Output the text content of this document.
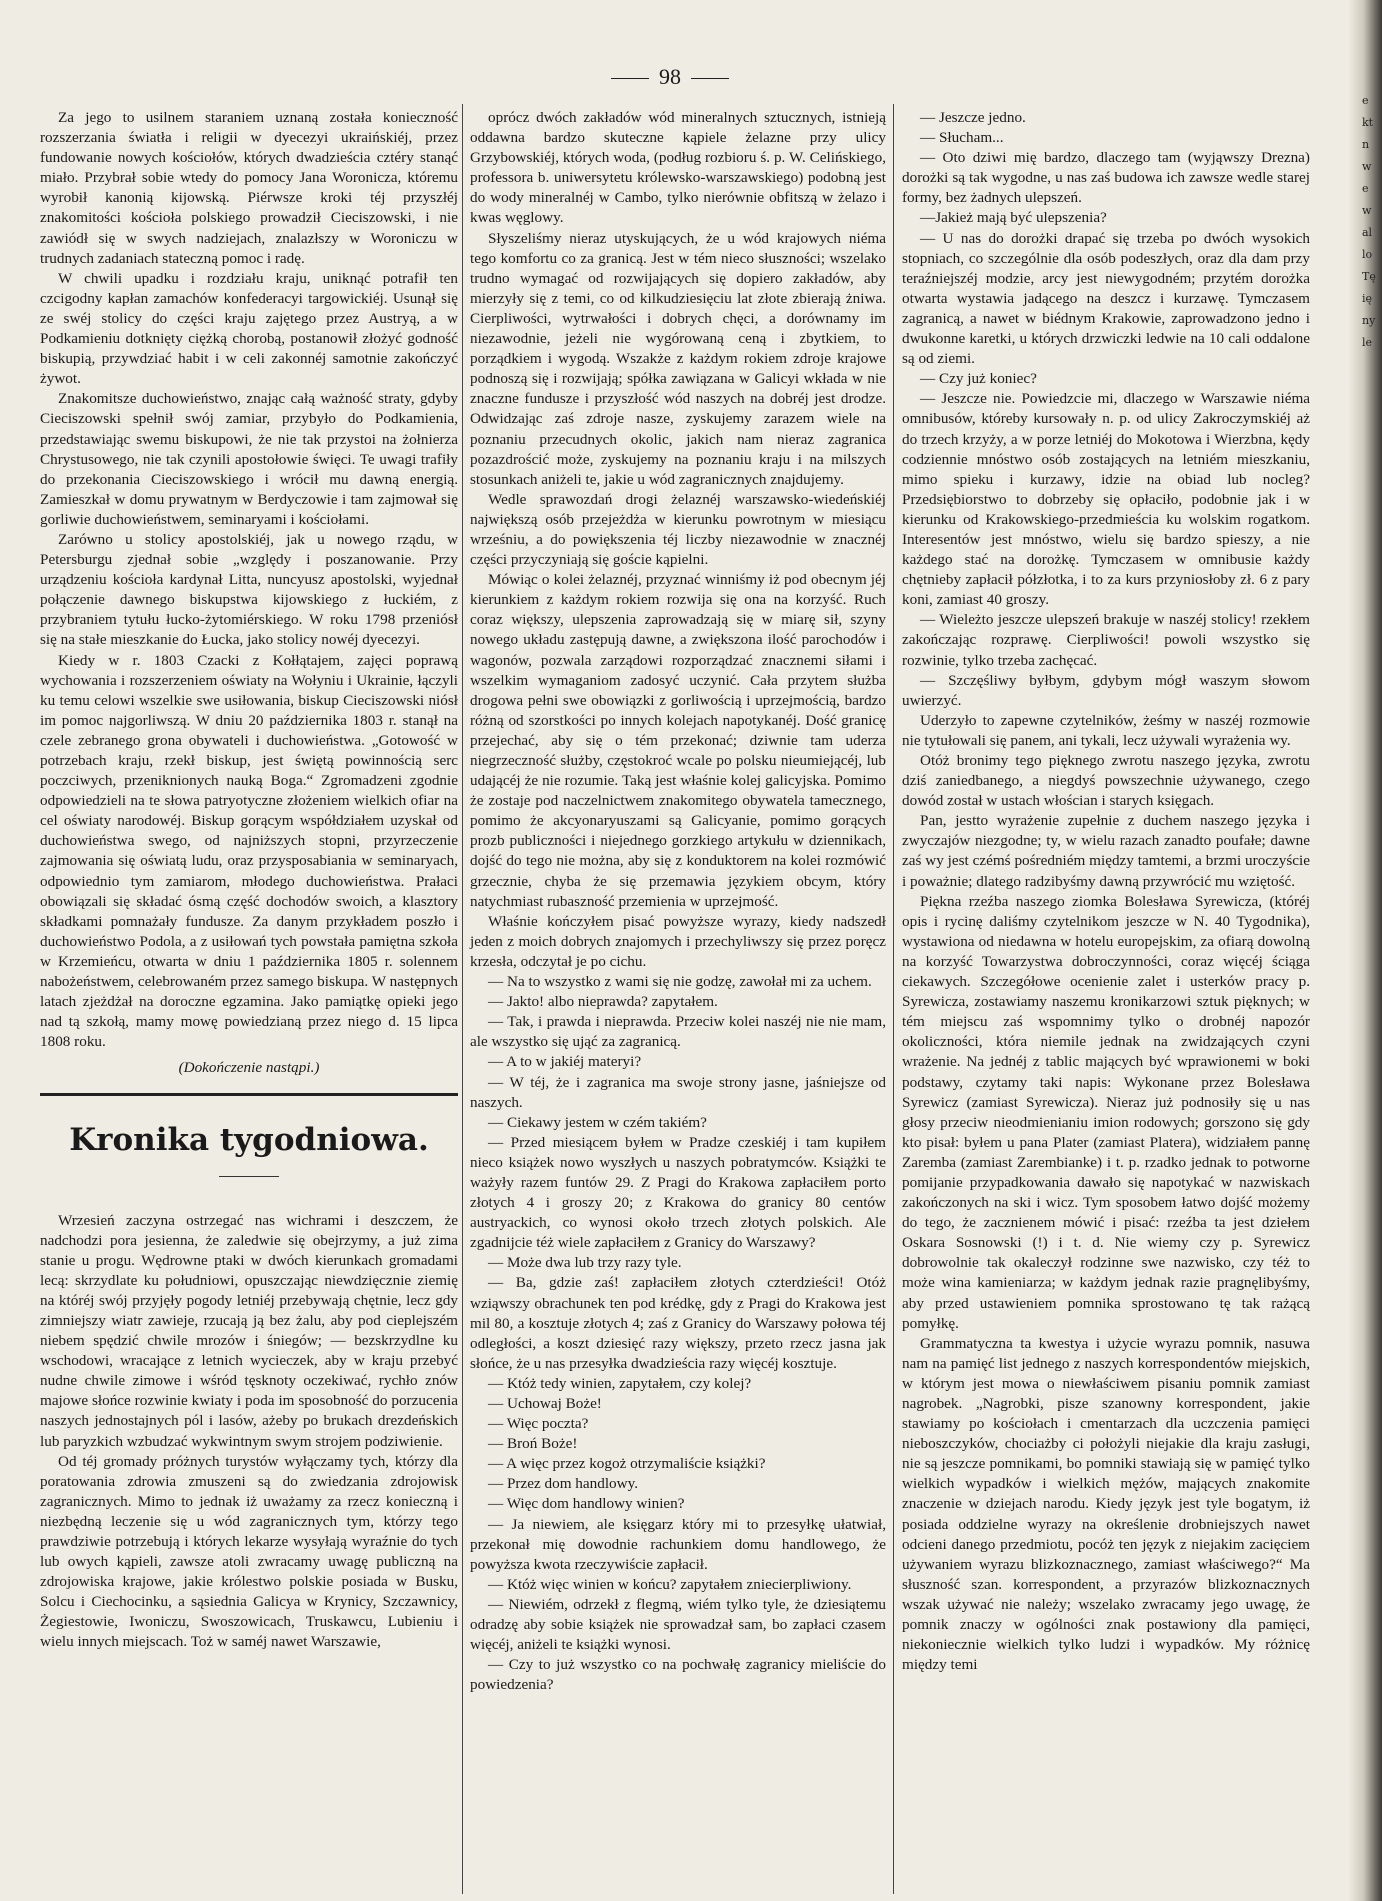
98

Za jego to usilnem staraniem uznaną została konieczność rozszerzania światła i religii w dyecezyi ukraińskiéj, przez fundowanie nowych kościołów, których dwadzieścia cztéry stanąć miało. Przybrał sobie wtedy do pomocy Jana Woronicza, któremu wyrobił kanonią kijowską. Piérwsze kroki téj przyszłéj znakomitości kościoła polskiego prowadził Cieciszowski, i nie zawiódł się w swych nadziejach, znalazłszy w Woroniczu w trudnych zadaniach stateczną pomoc i radę.

W chwili upadku i rozdziału kraju, uniknąć potrafił ten czcigodny kapłan zamachów konfederacyi targowickiéj. Usunął się ze swéj stolicy do części kraju zajętego przez Austryą, a w Podkamieniu dotknięty ciężką chorobą, postanowił złożyć godność biskupią, przywdziać habit i w celi zakonnéj samotnie zakończyć żywot.

Znakomitsze duchowieństwo, znając całą ważność straty, gdyby Cieciszowski spełnił swój zamiar, przybyło do Podkamienia, przedstawiając swemu biskupowi, że nie tak przystoi na żołnierza Chrystusowego, nie tak czynili apostołowie święci. Te uwagi trafiły do przekonania Cieciszowskiego i wrócił mu dawną energią. Zamieszkał w domu prywatnym w Berdyczowie i tam zajmował się gorliwie duchowieństwem, seminaryami i kościołami.

Zarówno u stolicy apostolskiéj, jak u nowego rządu, w Petersburgu zjednał sobie „względy i poszanowanie. Przy urządzeniu kościoła kardynał Litta, nuncyusz apostolski, wyjednał połączenie dawnego biskupstwa kijowskiego z łuckiém, z przybraniem tytułu łucko-żytomiérskiego. W roku 1798 przeniósł się na stałe mieszkanie do Łucka, jako stolicy nowéj dyecezyi.

Kiedy w r. 1803 Czacki z Kołłątajem, zajęci poprawą wychowania i rozszerzeniem oświaty na Wołyniu i Ukrainie, łączyli ku temu celowi wszelkie swe usiłowania, biskup Cieciszowski niósł im pomoc najgorliwszą. W dniu 20 października 1803 r. stanął na czele zebranego grona obywateli i duchowieństwa. „Gotowość w potrzebach kraju, rzekł biskup, jest świętą powinnością serc poczciwych, przeniknionych nauką Boga.“ Zgromadzeni zgodnie odpowiedzieli na te słowa patryotyczne złożeniem wielkich ofiar na cel oświaty narodowéj. Biskup gorącym współdziałem uzyskał od duchowieństwa swego, od najniższych stopni, przyrzeczenie zajmowania się oświatą ludu, oraz przysposabiania w seminaryach, odpowiednio tym zamiarom, młodego duchowieństwa. Prałaci obowiązali się składać ósmą część dochodów swoich, a klasztory składkami pomnażały fundusze. Za danym przykładem poszło i duchowieństwo Podola, a z usiłowań tych powstała pamiętna szkoła w Krzemieńcu, otwarta w dniu 1 października 1805 r. solennem nabożeństwem, celebrowaném przez samego biskupa. W następnych latach zjeżdżał na doroczne egzamina. Jako pamiątkę opieki jego nad tą szkołą, mamy mowę powiedzianą przez niego d. 15 lipca 1808 roku.

(Dokończenie nastąpi.)

Kronika tygodniowa.

Wrzesień zaczyna ostrzegać nas wichrami i deszczem, że nadchodzi pora jesienna, że zaledwie się obejrzymy, a już zima stanie u progu. Wędrowne ptaki w dwóch kierunkach gromadami lecą: skrzydlate ku południowi, opuszczając niewdzięcznie ziemię na któréj swój przyjęły pogody letniéj przebywają chętnie, lecz gdy zimniejszy wiatr zawieje, rzucają ją bez żalu, aby pod cieplejszém niebem spędzić chwile mrozów i śniegów; — bezskrzydlne ku wschodowi, wracające z letnich wycieczek, aby w kraju przebyć nudne chwile zimowe i wśród tęsknoty oczekiwać, rychło znów majowe słońce rozwinie kwiaty i poda im sposobność do porzucenia naszych jednostajnych pól i lasów, ażeby po brukach drezdeńskich lub paryzkich wzbudzać wykwintnym swym strojem podziwienie.

Od téj gromady próżnych turystów wyłączamy tych, którzy dla poratowania zdrowia zmuszeni są do zwiedzania zdrojowisk zagranicznych. Mimo to jednak iż uważamy za rzecz konieczną i niezbędną leczenie się u wód zagranicznych tym, którzy tego prawdziwie potrzebują i których lekarze wysyłają wyraźnie do tych lub owych kąpieli, zawsze atoli zwracamy uwagę publiczną na zdrojowiska krajowe, jakie królestwo polskie posiada w Busku, Solcu i Ciechocinku, a sąsiednia Galicya w Krynicy, Szczawnicy, Żegiestowie, Iwoniczu, Swoszowicach, Truskawcu, Lubieniu i wielu innych miejscach. Toż w saméj nawet Warszawie,

oprócz dwóch zakładów wód mineralnych sztucznych, istnieją oddawna bardzo skuteczne kąpiele żelazne przy ulicy Grzybowskiéj, których woda, (podług rozbioru ś. p. W. Celińskiego, professora b. uniwersytetu królewsko-warszawskiego) podobną jest do wody mineralnéj w Cambo, tylko nierównie obfitszą w żelazo i kwas węglowy.

Słyszeliśmy nieraz utyskujących, że u wód krajowych niéma tego komfortu co za granicą. Jest w tém nieco słuszności; wszelako trudno wymagać od rozwijających się dopiero zakładów, aby mierzyły się z temi, co od kilkudziesięciu lat złote zbierają żniwa. Cierpliwości, wytrwałości i dobrych chęci, a dorównamy im niezawodnie, jeżeli nie wygórowaną ceną i zbytkiem, to porządkiem i wygodą. Wszakże z każdym rokiem zdroje krajowe podnoszą się i rozwijają; spółka zawiązana w Galicyi wkłada w nie znaczne fundusze i przyszłość wód naszych na dobréj jest drodze. Odwidzając zaś zdroje nasze, zyskujemy zarazem wiele na poznaniu przecudnych okolic, jakich nam nieraz zagranica pozazdrościć może, zyskujemy na poznaniu kraju i na milszych stosunkach aniżeli te, jakie u wód zagranicznych znajdujemy.

Wedle sprawozdań drogi żelaznéj warszawsko-wiedeńskiéj największą osób przejeżdża w kierunku powrotnym w miesiącu wrześniu, a do powiększenia téj liczby niezawodnie w znacznéj części przyczyniają się goście kąpielni.

Mówiąc o kolei żelaznéj, przyznać winniśmy iż pod obecnym jéj kierunkiem z każdym rokiem rozwija się ona na korzyść. Ruch coraz większy, ulepszenia zaprowadzają się w miarę sił, szyny nowego układu zastępują dawne, a zwiększona ilość parochodów i wagonów, pozwala zarządowi rozporządzać znacznemi siłami i wszelkim wymaganiom zadosyć uczynić. Cała przytem służba drogowa pełni swe obowiązki z gorliwością i uprzejmością, bardzo różną od szorstkości po innych kolejach napotykanéj. Dość granicę przejechać, aby się o tém przekonać; dziwnie tam uderza niegrzeczność służby, częstokroć wcale po polsku nieumiejącéj, lub udającéj że nie rozumie. Taką jest właśnie kolej galicyjska. Pomimo że zostaje pod naczelnictwem znakomitego obywatela tamecznego, pomimo że akcyonaryuszami są Galicyanie, pomimo gorących prozb publiczności i niejednego gorzkiego artykułu w dziennikach, dojść do tego nie można, aby się z konduktorem na kolei rozmówić grzecznie, chyba że się przemawia językiem obcym, który natychmiast rubaszność przemienia w uprzejmość.

Właśnie kończyłem pisać powyższe wyrazy, kiedy nadszedł jeden z moich dobrych znajomych i przechyliwszy się przez poręcz krzesła, odczytał je po cichu.

— Na to wszystko z wami się nie godzę, zawołał mi za uchem.

— Jakto! albo nieprawda? zapytałem.

— Tak, i prawda i nieprawda. Przeciw kolei naszéj nie nie mam, ale wszystko się ująć za zagranicą.

— A to w jakiéj materyi?

— W téj, że i zagranica ma swoje strony jasne, jaśniejsze od naszych.

— Ciekawy jestem w czém takiém?

— Przed miesiącem byłem w Pradze czeskiéj i tam kupiłem nieco książek nowo wyszłych u naszych pobratymców. Książki te ważyły razem funtów 29. Z Pragi do Krakowa zapłaciłem porto złotych 4 i groszy 20; z Krakowa do granicy 80 centów austryackich, co wynosi około trzech złotych polskich. Ale zgadnijcie téż wiele zapłaciłem z Granicy do Warszawy?

— Może dwa lub trzy razy tyle.

— Ba, gdzie zaś! zapłaciłem złotych czterdzieści! Otóż wziąwszy obrachunek ten pod krédkę, gdy z Pragi do Krakowa jest mil 80, a kosztuje złotych 4; zaś z Granicy do Warszawy połowa téj odległości, a koszt dziesięć razy większy, przeto rzecz jasna jak słońce, że u nas przesyłka dwadzieścia razy więcéj kosztuje.

— Któż tedy winien, zapytałem, czy kolej?

— Uchowaj Boże!

— Więc poczta?

— Broń Boże!

— A więc przez kogoż otrzymaliście książki?

— Przez dom handlowy.

— Więc dom handlowy winien?

— Ja niewiem, ale księgarz który mi to przesyłkę ułatwiał, przekonał mię dowodnie rachunkiem domu handlowego, że powyższa kwota rzeczywiście zapłacił.

— Któż więc winien w końcu? zapytałem zniecierpliwiony.

— Niewiém, odrzekł z flegmą, wiém tylko tyle, że dziesiątemu odradzę aby sobie książek nie sprowadzał sam, bo zapłaci czasem więcéj, aniżeli te książki wynosi.

— Czy to już wszystko co na pochwałę zagranicy mieliście do powiedzenia?

— Jeszcze jedno.

— Słucham...

— Oto dziwi mię bardzo, dlaczego tam (wyjąwszy Drezna) dorożki są tak wygodne, u nas zaś budowa ich zawsze wedle starej formy, bez żadnych ulepszeń.

—Jakież mają być ulepszenia?

— U nas do dorożki drapać się trzeba po dwóch wysokich stopniach, co szczególnie dla osób podeszłych, oraz dla dam przy teraźniejszéj modzie, arcy jest niewygodném; przytém dorożka otwarta wystawia jadącego na deszcz i kurzawę. Tymczasem zagranicą, a nawet w biédnym Krakowie, zaprowadzono jedno i dwukonne karetki, u których drzwiczki ledwie na 10 cali oddalone są od ziemi.

— Czy już koniec?

— Jeszcze nie. Powiedzcie mi, dlaczego w Warszawie niéma omnibusów, któreby kursowały n. p. od ulicy Zakroczymskiéj aż do trzech krzyży, a w porze letniéj do Mokotowa i Wierzbna, kędy codziennie mnóstwo osób zostających na letniém mieszkaniu, mimo spieku i kurzawy, idzie na obiad lub nocleg? Przedsiębiorstwo to dobrzeby się opłaciło, podobnie jak i w kierunku od Krakowskiego-przedmieścia ku wolskim rogatkom. Interesentów jest mnóstwo, wielu się bardzo spieszy, a nie każdego stać na dorożkę. Tymczasem w omnibusie każdy chętnieby zapłacił półzłotka, i to za kurs przyniosłoby zł. 6 z pary koni, zamiast 40 groszy.

— Wieleżto jeszcze ulepszeń brakuje w naszéj stolicy! rzekłem zakończając rozprawę. Cierpliwości! powoli wszystko się rozwinie, tylko trzeba zachęcać.

— Szczęśliwy byłbym, gdybym mógł waszym słowom uwierzyć.

Uderzyło to zapewne czytelników, żeśmy w naszéj rozmowie nie tytułowali się panem, ani tykali, lecz używali wyrażenia wy.

Otóż bronimy tego pięknego zwrotu naszego języka, zwrotu dziś zaniedbanego, a niegdyś powszechnie używanego, czego dowód został w ustach włościan i starych księgach.

Pan, jestto wyrażenie zupełnie z duchem naszego języka i zwyczajów niezgodne; ty, w wielu razach zanadto poufałe; dawne zaś wy jest czémś pośredniém między tamtemi, a brzmi uroczyście i poważnie; dlatego radzibyśmy dawną przywrócić mu wziętość.

Piękna rzeźba naszego ziomka Bolesława Syrewicza, (któréj opis i rycinę daliśmy czytelnikom jeszcze w N. 40 Tygodnika), wystawiona od niedawna w hotelu europejskim, za ofiarą dowolną na korzyść Towarzystwa dobroczynności, coraz więcéj ściąga ciekawych. Szczegółowe ocenienie zalet i usterków pracy p. Syrewicza, zostawiamy naszemu kronikarzowi sztuk pięknych; w tém miejscu zaś wspomnimy tylko o drobnéj napozór okoliczności, która niemile jednak na zwidzających czyni wrażenie. Na jednéj z tablic mających być wprawionemi w boki podstawy, czytamy taki napis: Wykonane przez Bolesława Syrewicz (zamiast Syrewicza). Nieraz już podnosiły się u nas głosy przeciw nieodmienianiu imion rodowych; gorszono się gdy kto pisał: byłem u pana Plater (zamiast Platera), widziałem pannę Zaremba (zamiast Zarembianke) i t. p. rzadko jednak to potworne pomijanie przypadkowania dawało się napotykać w nazwiskach zakończonych na ski i wicz. Tym sposobem łatwo dojść możemy do tego, że zacznienem mówić i pisać: rzeźba ta jest dziełem Oskara Sosnowski (!) i t. d. Nie wiemy czy p. Syrewicz dobrowolnie tak okaleczył rodzinne swe nazwisko, czy téż to może wina kamieniarza; w każdym jednak razie pragnęlibyśmy, aby przed ustawieniem pomnika sprostowano tę tak rażącą pomyłkę.

Grammatyczna ta kwestya i użycie wyrazu pomnik, nasuwa nam na pamięć list jednego z naszych korrespondentów miejskich, w którym jest mowa o niewłaściwem pisaniu pomnik zamiast nagrobek. „Nagrobki, pisze szanowny korrespondent, jakie stawiamy po kościołach i cmentarzach dla uczczenia pamięci nieboszczyków, chociażby ci położyli niejakie dla kraju zasługi, nie są jeszcze pomnikami, bo pomniki stawiają się w pamięć tylko wielkich wypadków i wielkich mężów, mających znakomite znaczenie w dziejach narodu. Kiedy język jest tyle bogatym, iż posiada oddzielne wyrazy na określenie drobniejszych nawet odcieni danego przedmiotu, pocóż ten język z niejakim zacięciem używaniem wyrazu blizkoznacznego, zamiast właściwego?“ Ma słuszność szan. korrespondent, a przyrazów blizkoznacznych wszak używać nie należy; wszelako zwracamy jego uwagę, że pomnik znaczy w ogólności znak postawiony dla pamięci, niekoniecznie wielkich tylko ludzi i wypadków. My różnicę między temi

e kt n we wal lo Tę ię ny le
